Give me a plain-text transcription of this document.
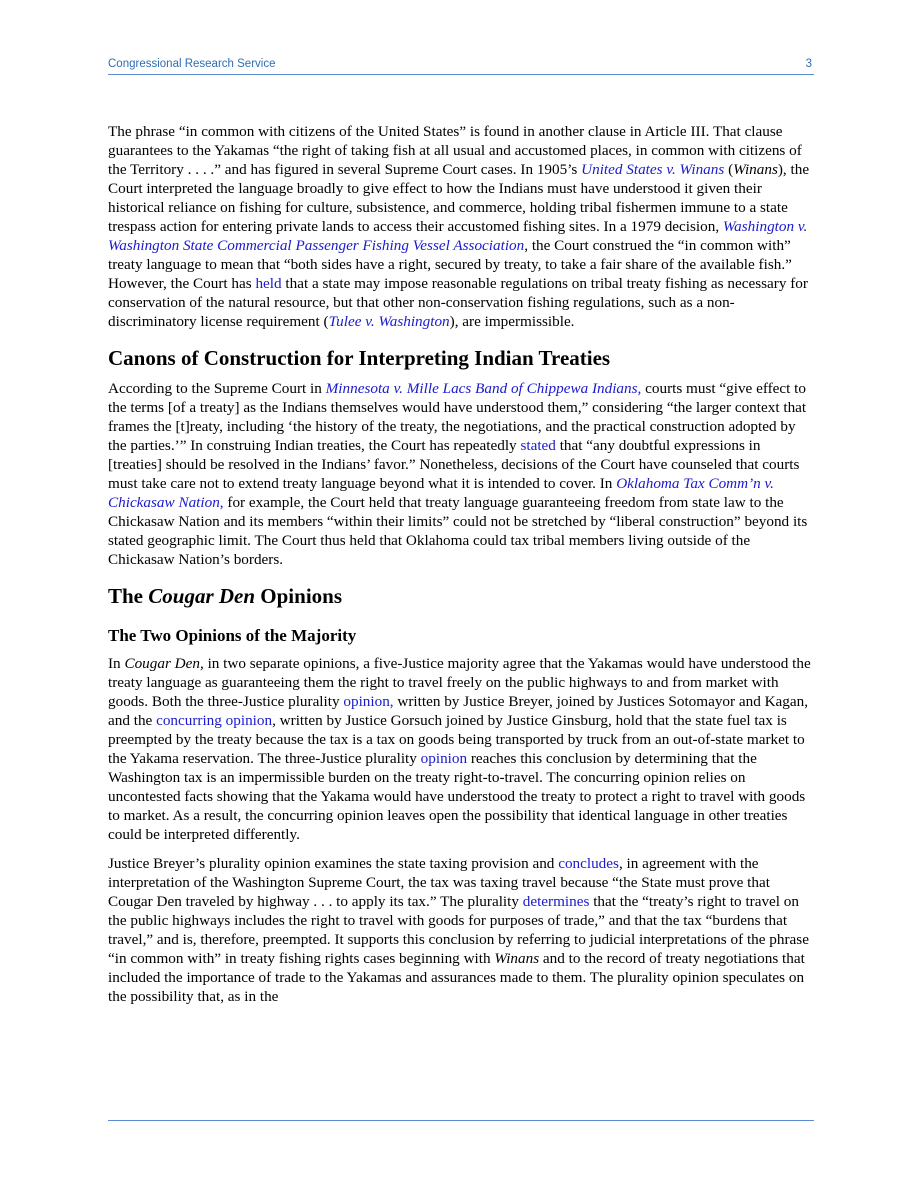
Congressional Research Service	3

The phrase “in common with citizens of the United States” is found in another clause in Article III. That clause guarantees to the Yakamas “the right of taking fish at all usual and accustomed places, in common with citizens of the Territory . . . .” and has figured in several Supreme Court cases. In 1905’s United States v. Winans (Winans), the Court interpreted the language broadly to give effect to how the Indians must have understood it given their historical reliance on fishing for culture, subsistence, and commerce, holding tribal fishermen immune to a state trespass action for entering private lands to access their accustomed fishing sites. In a 1979 decision, Washington v. Washington State Commercial Passenger Fishing Vessel Association, the Court construed the “in common with” treaty language to mean that “both sides have a right, secured by treaty, to take a fair share of the available fish.” However, the Court has held that a state may impose reasonable regulations on tribal treaty fishing as necessary for conservation of the natural resource, but that other non-conservation fishing regulations, such as a non-discriminatory license requirement (Tulee v. Washington), are impermissible.

Canons of Construction for Interpreting Indian Treaties

According to the Supreme Court in Minnesota v. Mille Lacs Band of Chippewa Indians, courts must “give effect to the terms [of a treaty] as the Indians themselves would have understood them,” considering “the larger context that frames the [t]reaty, including ‘the history of the treaty, the negotiations, and the practical construction adopted by the parties.’” In construing Indian treaties, the Court has repeatedly stated that “any doubtful expressions in [treaties] should be resolved in the Indians’ favor.” Nonetheless, decisions of the Court have counseled that courts must take care not to extend treaty language beyond what it is intended to cover. In Oklahoma Tax Comm’n v. Chickasaw Nation, for example, the Court held that treaty language guaranteeing freedom from state law to the Chickasaw Nation and its members “within their limits” could not be stretched by “liberal construction” beyond its stated geographic limit. The Court thus held that Oklahoma could tax tribal members living outside of the Chickasaw Nation’s borders.

The Cougar Den Opinions
The Two Opinions of the Majority

In Cougar Den, in two separate opinions, a five-Justice majority agree that the Yakamas would have understood the treaty language as guaranteeing them the right to travel freely on the public highways to and from market with goods. Both the three-Justice plurality opinion, written by Justice Breyer, joined by Justices Sotomayor and Kagan, and the concurring opinion, written by Justice Gorsuch joined by Justice Ginsburg, hold that the state fuel tax is preempted by the treaty because the tax is a tax on goods being transported by truck from an out-of-state market to the Yakama reservation. The three-Justice plurality opinion reaches this conclusion by determining that the Washington tax is an impermissible burden on the treaty right-to-travel. The concurring opinion relies on uncontested facts showing that the Yakama would have understood the treaty to protect a right to travel with goods to market. As a result, the concurring opinion leaves open the possibility that identical language in other treaties could be interpreted differently.

Justice Breyer’s plurality opinion examines the state taxing provision and concludes, in agreement with the interpretation of the Washington Supreme Court, the tax was taxing travel because “the State must prove that Cougar Den traveled by highway . . . to apply its tax.” The plurality determines that the “treaty’s right to travel on the public highways includes the right to travel with goods for purposes of trade,” and that the tax “burdens that travel,” and is, therefore, preempted. It supports this conclusion by referring to judicial interpretations of the phrase “in common with” in treaty fishing rights cases beginning with Winans and to the record of treaty negotiations that included the importance of trade to the Yakamas and assurances made to them. The plurality opinion speculates on the possibility that, as in the
